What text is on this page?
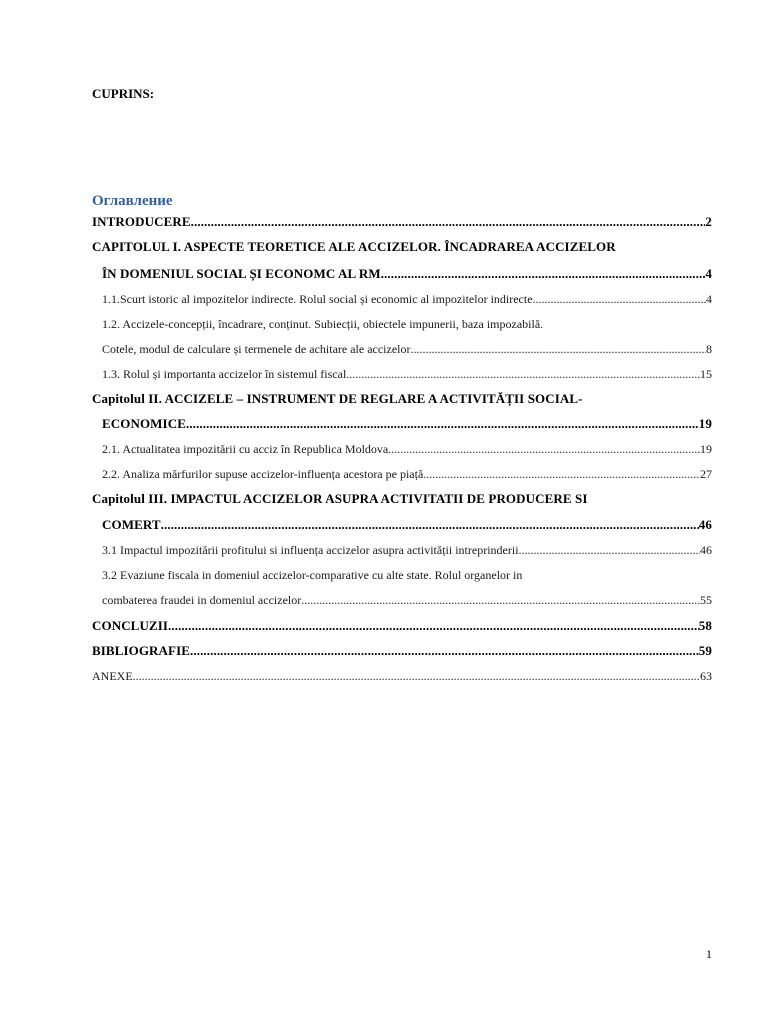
CUPRINS:
Оглавление
INTRODUCERE .....	2
CAPITOLUL I. ASPECTE TEORETICE ALE ACCIZELOR. ÎNCADRAREA ACCIZELOR
ÎN DOMENIUL SOCIAL ȘI ECONOMC AL RM .....	4
1.1.Scurt istoric al impozitelor indirecte. Rolul social și economic al impozitelor indirecte .....	4
1.2. Accizele-concepții, încadrare, conținut. Subiecții, obiectele impunerii, baza impozabilă.
Cotele, modul de calculare și termenele de achitare ale accizelor .....	8
1.3. Rolul și importanta accizelor în sistemul fiscal .....	15
Capitolul II. ACCIZELE – INSTRUMENT DE REGLARE A ACTIVITĂȚII SOCIAL-
ECONOMICE .....	19
2.1. Actualitatea impozitării cu acciz în Republica Moldova .....	19
2.2. Analiza mărfurilor supuse accizelor-influența acestora pe piață .....	27
Capitolul III. IMPACTUL ACCIZELOR ASUPRA ACTIVITATII DE PRODUCERE SI
COMERT .....	46
3.1 Impactul impozitării profitului si influența accizelor asupra activității intreprinderii .....	46
3.2 Evaziune fiscala in domeniul accizelor-comparative cu alte state. Rolul organelor in
combaterea fraudei in domeniul accizelor .....	55
CONCLUZII .....	58
BIBLIOGRAFIE .....	59
ANEXE .....	63
1
